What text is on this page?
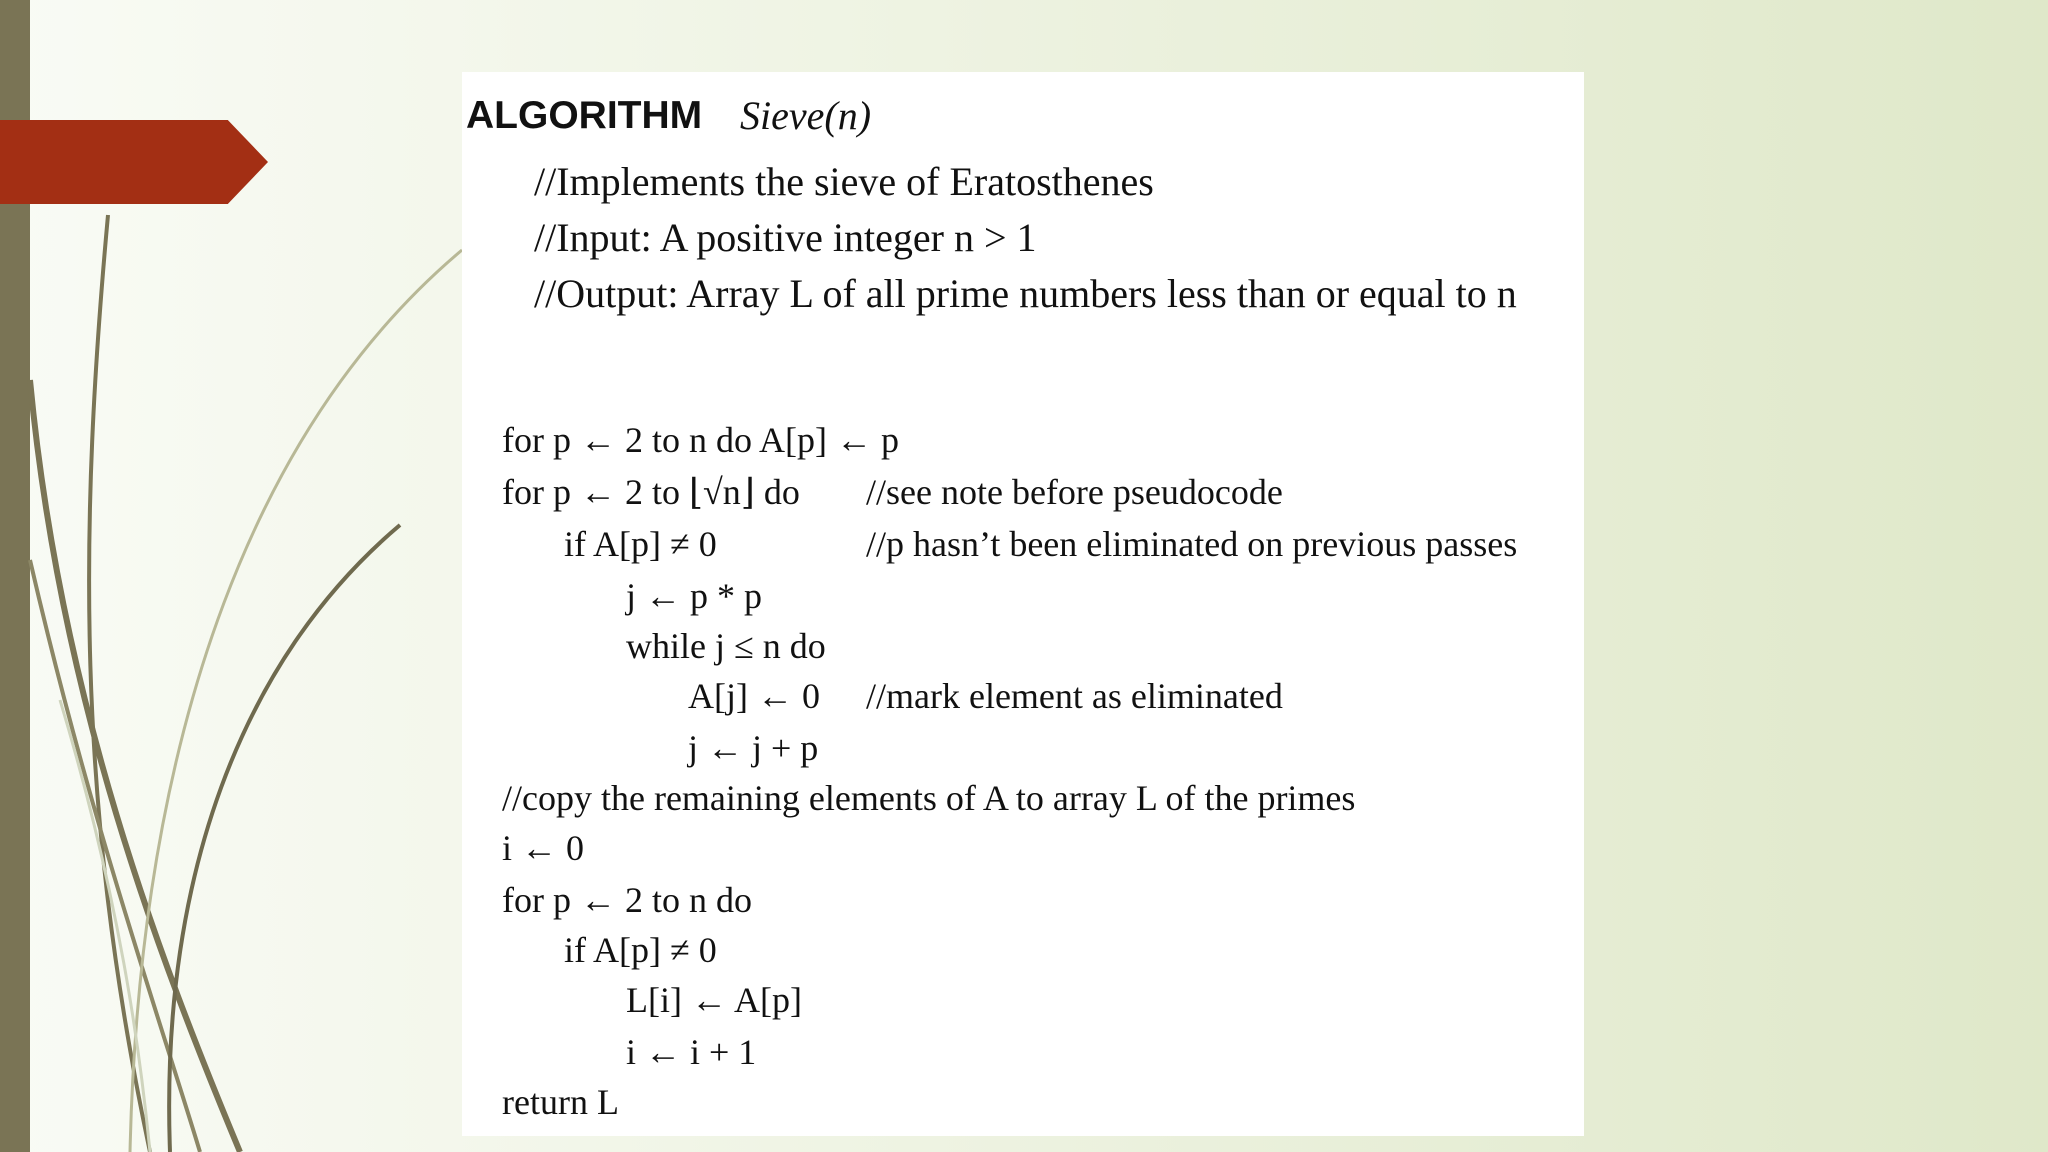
ALGORITHM Sieve(n)
//Implements the sieve of Eratosthenes
//Input: A positive integer n > 1
//Output: Array L of all prime numbers less than or equal to n
for p ← 2 to n do A[p] ← p
for p ← 2 to ⌊√n⌋ do //see note before pseudocode
if A[p] ≠ 0	//p hasn’t been eliminated on previous passes
j ← p * p
while j ≤ n do
A[j] ← 0 //mark element as eliminated
j ← j + p
//copy the remaining elements of A to array L of the primes
i ← 0
for p ← 2 to n do
if A[p] ≠ 0
L[i] ← A[p]
i ← i + 1
return L
